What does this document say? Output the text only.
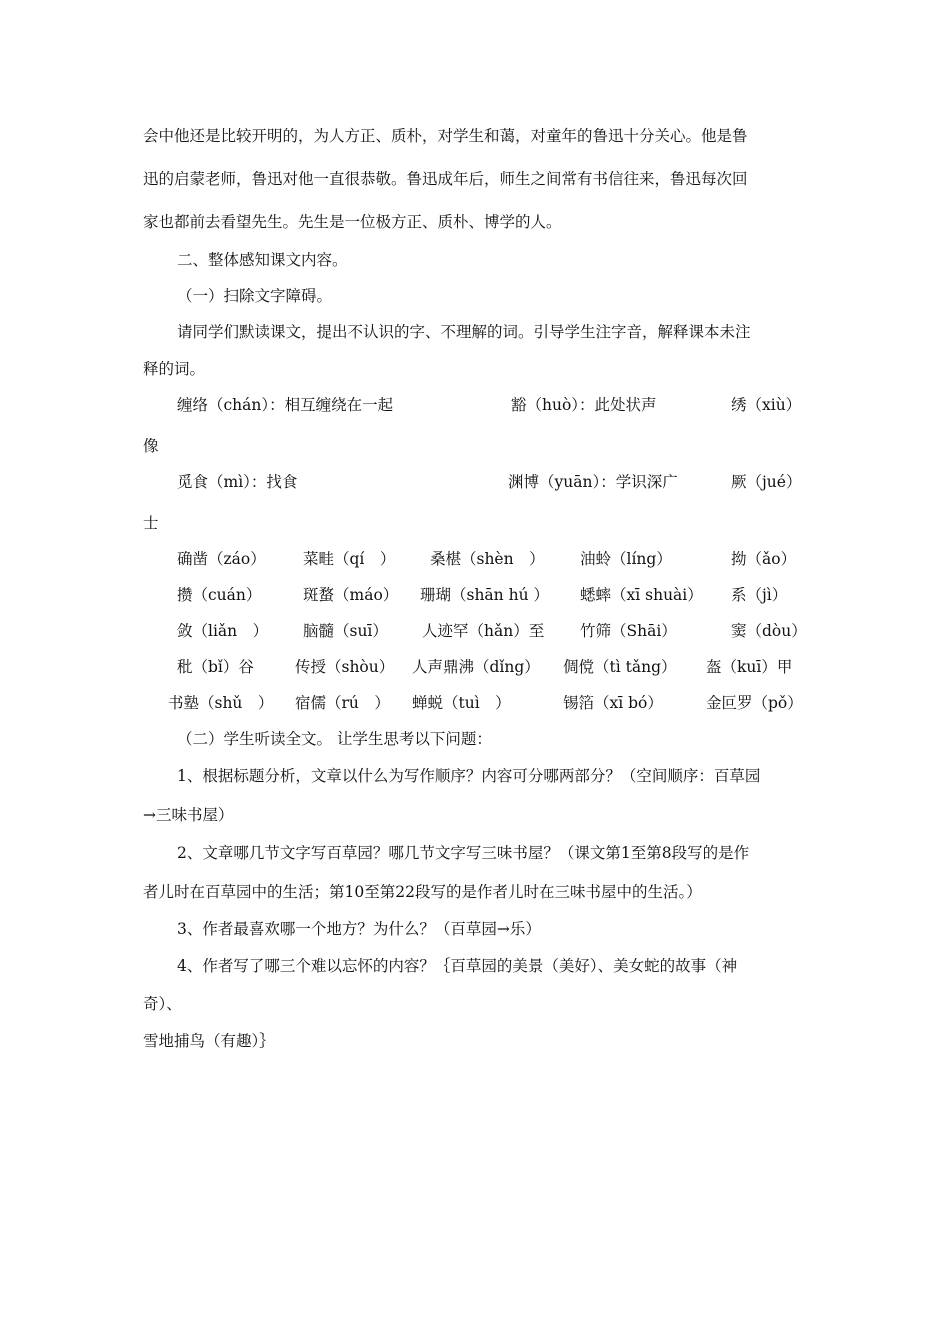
会中他还是比较开明的，为人方正、质朴，对学生和蔼，对童年的鲁迅十分关心。他是鲁
迅的启蒙老师，鲁迅对他一直很恭敬。鲁迅成年后，师生之间常有书信往来，鲁迅每次回
家也都前去看望先生。先生是一位极方正、质朴、博学的人。
二、整体感知课文内容。
（一）扫除文字障碍。
请同学们默读课文，提出不认识的字、不理解的词。引导学生注字音，解释课本未注
释的词。
缠络（chán）：相互缠绕在一起	豁（huò）：此处状声	绣（xiù）
像
觅食（mì）：找食	渊博（yuān）：学识深广	厥（jué）
士
确凿（záo） 菜畦（qí　） 桑椹（shèn　） 油蛉（líng）	拗（ǎo）
攒（cuán）	斑蝥（máo） 珊瑚（shān hú ） 蟋蟀（xī shuài） 系（jì）
敛（liǎn　） 脑髓（suī） 人迹罕（hǎn）至 竹筛（Shāi）	窦（dòu）
秕（bǐ）谷	传授（shòu） 人声鼎沸（dǐng） 倜傥（tì tǎng） 盔（kuī）甲
书塾（shǔ　） 宿儒（rú　） 蝉蜕（tuì　）	锡箔（xī bó）	金叵罗（pǒ）
（二）学生听读全文。 让学生思考以下问题：
1、根据标题分析，文章以什么为写作顺序？内容可分哪两部分？（空间顺序：百草园
→三味书屋）
2、文章哪几节文字写百草园？哪几节文字写三味书屋？（课文第1至第8段写的是作
者儿时在百草园中的生活；第10至第22段写的是作者儿时在三味书屋中的生活。）
3、作者最喜欢哪一个地方？为什么？（百草园→乐）
4、作者写了哪三个难以忘怀的内容？｛百草园的美景（美好）、美女蛇的故事（神
奇）、
雪地捕鸟（有趣）｝
